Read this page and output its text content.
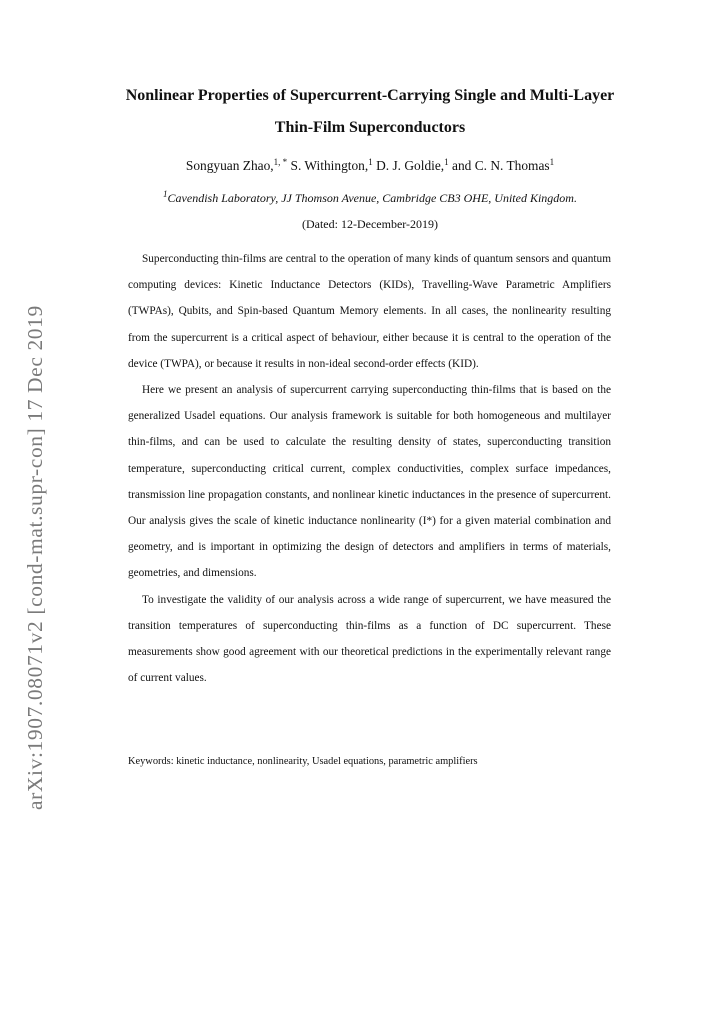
arXiv:1907.08071v2 [cond-mat.supr-con] 17 Dec 2019
Nonlinear Properties of Supercurrent-Carrying Single and Multi-Layer
Thin-Film Superconductors
Songyuan Zhao,$^{1, *}$ S. Withington,$^1$ D. J. Goldie,$^1$ and C. N. Thomas$^1$
$^1$Cavendish Laboratory, JJ Thomson Avenue, Cambridge CB3 OHE, United Kingdom.
(Dated: 12-December-2019)

Superconducting thin-films are central to the operation of many kinds of quantum sensors and quantum computing devices: Kinetic Inductance Detectors (KIDs), Travelling-Wave Parametric Amplifiers (TWPAs), Qubits, and Spin-based Quantum Memory elements. In all cases, the nonlinearity resulting from the supercurrent is a critical aspect of behaviour, either because it is central to the operation of the device (TWPA), or because it results in non-ideal second-order effects (KID).

Here we present an analysis of supercurrent carrying superconducting thin-films that is based on the generalized Usadel equations. Our analysis framework is suitable for both homogeneous and multilayer thin-films, and can be used to calculate the resulting density of states, superconducting transition temperature, superconducting critical current, complex conductivities, complex surface impedances, transmission line propagation constants, and nonlinear kinetic inductances in the presence of supercurrent. Our analysis gives the scale of kinetic inductance nonlinearity (I*) for a given material combination and geometry, and is important in optimizing the design of detectors and amplifiers in terms of materials, geometries, and dimensions.

To investigate the validity of our analysis across a wide range of supercurrent, we have measured the transition temperatures of superconducting thin-films as a function of DC supercurrent. These measurements show good agreement with our theoretical predictions in the experimentally relevant range of current values.

Keywords: kinetic inductance, nonlinearity, Usadel equations, parametric amplifiers
